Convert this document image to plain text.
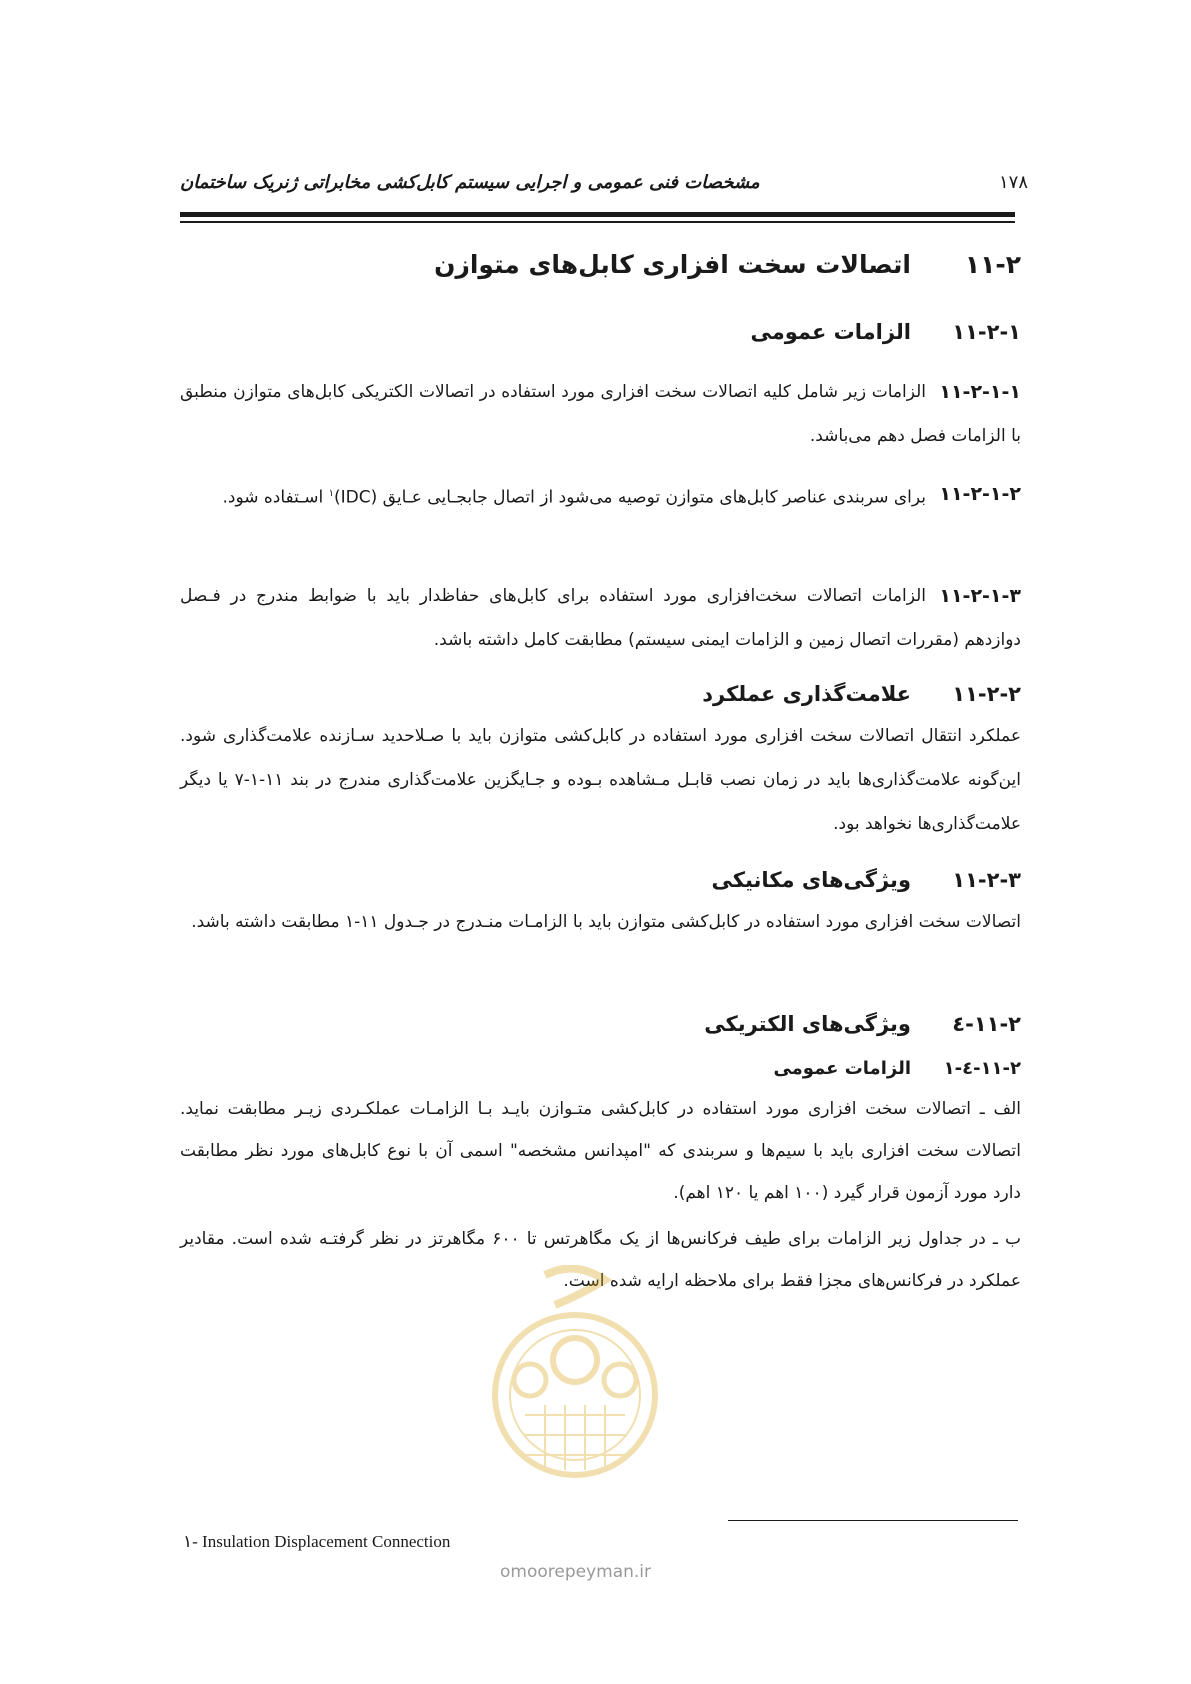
۱۷۸
مشخصات فنی عمومی و اجرایی سیستم کابل‌کشی مخابراتی ژنریک ساختمان
۱۱-۲اتصالات سخت افزاری کابل‌های متوازن
۱۱-۲-۱الزامات عمومی
۱۱-۲-۱-۱
الزامات زیر شامل کلیه اتصالات سخت افزاری مورد استفاده در اتصالات الکتریکی کابل‌های متوازن منطبق با الزامات فصل دهم می‌باشد.
۱۱-۲-۱-۲
برای سربندی عناصر کابل‌های متوازن توصیه می‌شود از اتصال جابجـایی عـایق (IDC)$^۱$ اسـتفاده شود.
۱۱-۲-۱-۳
الزامات اتصالات سخت‌افزاری مورد استفاده برای کابل‌های حفاظدار باید با ضوابط مندرج در فـصل دوازدهم (مقررات اتصال زمین و الزامات ایمنی سیستم) مطابقت کامل داشته باشد.
۱۱-۲-۲علامت‌گذاری عملکرد
عملکرد انتقال اتصالات سخت افزاری مورد استفاده در کابل‌کشی متوازن باید با صـلاحدید سـازنده علامت‌گذاری شود. این‌گونه علامت‌گذاری‌ها باید در زمان نصب قابـل مـشاهده بـوده و جـایگزین علامت‌گذاری مندرج در بند ۱۱-۱-۷ یا دیگر علامت‌گذاری‌ها نخواهد بود.
۱۱-۲-۳ویژگی‌های مکانیکی
اتصالات سخت افزاری مورد استفاده در کابل‌کشی متوازن باید با الزامـات منـدرج در جـدول ۱۱-۱ مطابقت داشته باشد.
۱۱-۲-٤ویژگی‌های الکتریکی
۱۱-۲-٤-۱الزامات عمومی
الف ـ اتصالات سخت افزاری مورد استفاده در کابل‌کشی متـوازن بایـد بـا الزامـات عملکـردی زیـر مطابقت نماید. اتصالات سخت افزاری باید با سیم‌ها و سربندی که "امپدانس مشخصه" اسمی آن با نوع کابل‌های مورد نظر مطابقت دارد مورد آزمون قرار گیرد (۱۰۰ اهم یا ۱۲۰ اهم).
ب ـ در جداول زیر الزامات برای طیف فرکانس‌ها از یک مگاهرتس تا ۶۰۰ مگاهرتز در نظر گرفتـه شده است. مقادیر عملکرد در فرکانس‌های مجزا فقط برای ملاحظه ارایه شده است.
۱- Insulation Displacement Connection
omoorepeyman.ir
